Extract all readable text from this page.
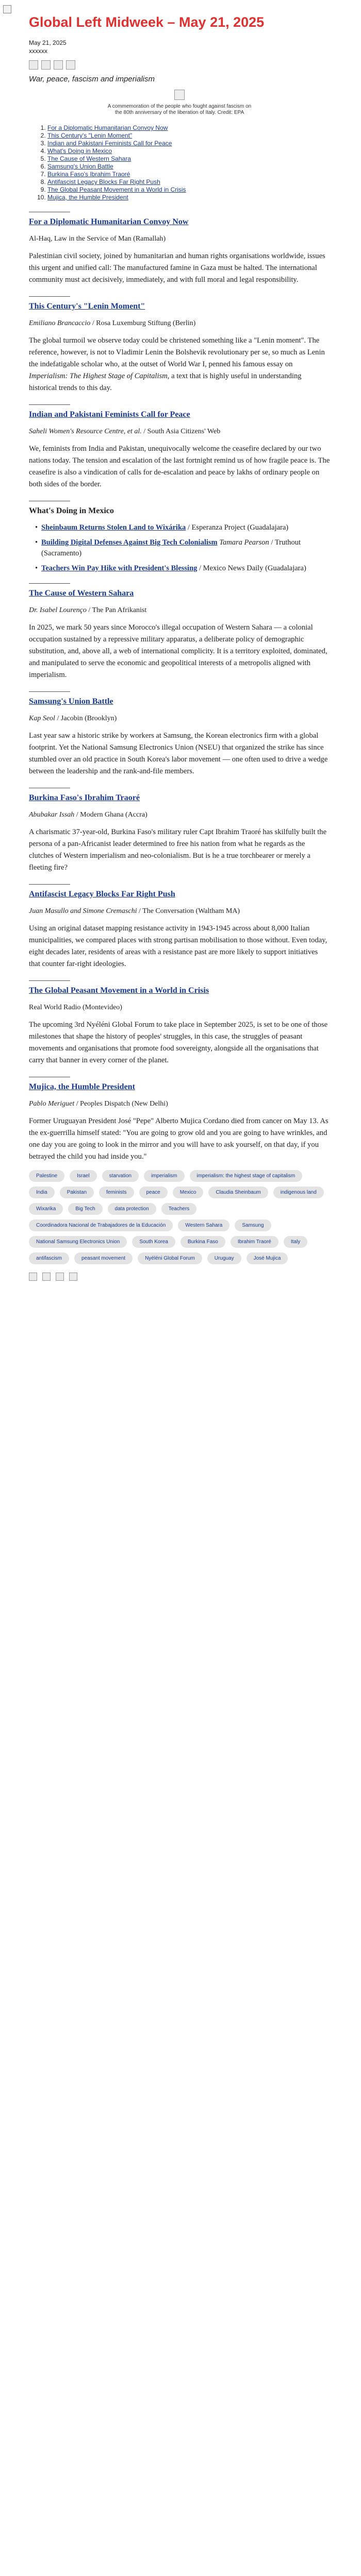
Global Left Midweek – May 21, 2025

May 21, 2025

xxxxxx

War, peace, fascism and imperialism

A commemoration of the people who fought against fascism on the 80th anniversary of the liberation of Italy. Credit: EPA
1. For a Diplomatic Humanitarian Convoy Now
2. This Century's "Lenin Moment"
3. Indian and Pakistani Feminists Call for Peace
4. What's Doing in Mexico
5. The Cause of Western Sahara
6. Samsung's Union Battle
7. Burkina Faso's Ibrahim Traoré
8. Antifascist Legacy Blocks Far Right Push
9. The Global Peasant Movement in a World in Crisis
10. Mujica, the Humble President
For a Diplomatic Humanitarian Convoy Now

Al-Haq, Law in the Service of Man (Ramallah)

Palestinian civil society, joined by humanitarian and human rights organisations worldwide, issues this urgent and unified call: The manufactured famine in Gaza must be halted. The international community must act decisively, immediately, and with full moral and legal responsibility.

This Century's "Lenin Moment"

Emiliano Brancaccio / Rosa Luxemburg Stiftung (Berlin)

The global turmoil we observe today could be christened something like a "Lenin moment". The reference, however, is not to Vladimir Lenin the Bolshevik revolutionary per se, so much as Lenin the indefatigable scholar who, at the outset of World War I, penned his famous essay on Imperialism: The Highest Stage of Capitalism, a text that is highly useful in understanding historical trends to this day.

Indian and Pakistani Feminists Call for Peace

Saheli Women's Resource Centre, et al. / South Asia Citizens' Web

We, feminists from India and Pakistan, unequivocally welcome the ceasefire declared by our two nations today. The tension and escalation of the last fortnight remind us of how fragile peace is. The ceasefire is also a vindication of calls for de-escalation and peace by lakhs of ordinary people on both sides of the border.

What's Doing in Mexico
• Sheinbaum Returns Stolen Land to Wixárika / Esperanza Project (Guadalajara)
• Building Digital Defenses Against Big Tech Colonialism Tamara Pearson / Truthout (Sacramento)
• Teachers Win Pay Hike with President's Blessing / Mexico News Daily (Guadalajara)
The Cause of Western Sahara

Dr. Isabel Lourenço / The Pan Afrikanist

In 2025, we mark 50 years since Morocco's illegal occupation of Western Sahara — a colonial occupation sustained by a repressive military apparatus, a deliberate policy of demographic substitution, and, above all, a web of international complicity. It is a territory exploited, dominated, and manipulated to serve the economic and geopolitical interests of a metropolis aligned with imperialism.

Samsung's Union Battle

Kap Seol / Jacobin (Brooklyn)

Last year saw a historic strike by workers at Samsung, the Korean electronics firm with a global footprint. Yet the National Samsung Electronics Union (NSEU) that organized the strike has since stumbled over an old practice in South Korea's labor movement — one often used to drive a wedge between the leadership and the rank-and-file members.

Burkina Faso's Ibrahim Traoré

Abubakar Issah / Modern Ghana (Accra)

A charismatic 37-year-old, Burkina Faso's military ruler Capt Ibrahim Traoré has skilfully built the persona of a pan-Africanist leader determined to free his nation from what he regards as the clutches of Western imperialism and neo-colonialism. But is he a true torchbearer or merely a fleeting fire?

Antifascist Legacy Blocks Far Right Push

Juan Masullo and Simone Cremaschi / The Conversation (Waltham MA)

Using an original dataset mapping resistance activity in 1943-1945 across about 8,000 Italian municipalities, we compared places with strong partisan mobilisation to those without. Even today, eight decades later, residents of areas with a resistance past are more likely to support initiatives that counter far-right ideologies.

The Global Peasant Movement in a World in Crisis

Real World Radio (Montevideo)

The upcoming 3rd Nyéléni Global Forum to take place in September 2025, is set to be one of those milestones that shape the history of peoples' struggles, in this case, the struggles of peasant movements and organisations that promote food sovereignty, alongside all the organisations that carry that banner in every corner of the planet.

Mujica, the Humble President

Pablo Meriguet / Peoples Dispatch (New Delhi)

Former Uruguayan President José "Pepe" Alberto Mujica Cordano died from cancer on May 13. As the ex-guerrilla himself stated: "You are going to grow old and you are going to have wrinkles, and one day you are going to look in the mirror and you will have to ask yourself, on that day, if you betrayed the child you had inside you."

Palestine	Israel	starvation	imperialism	imperialism: the highest stage of capitalism
India	Pakistan	feminists	peace	Mexico	Claudia Sheinbaum	indigenous land
Wixarika	Big Tech	data protection	Teachers
Coordinadora Nacional de Trabajadores de la Educación	Western Sahara	Samsung
National Samsung Electronics Union	South Korea	Burkina Faso	Ibrahim Traoré	Italy
antifascism	peasant movement	Nyéléni Global Forum	Uruguay	José Mujica
